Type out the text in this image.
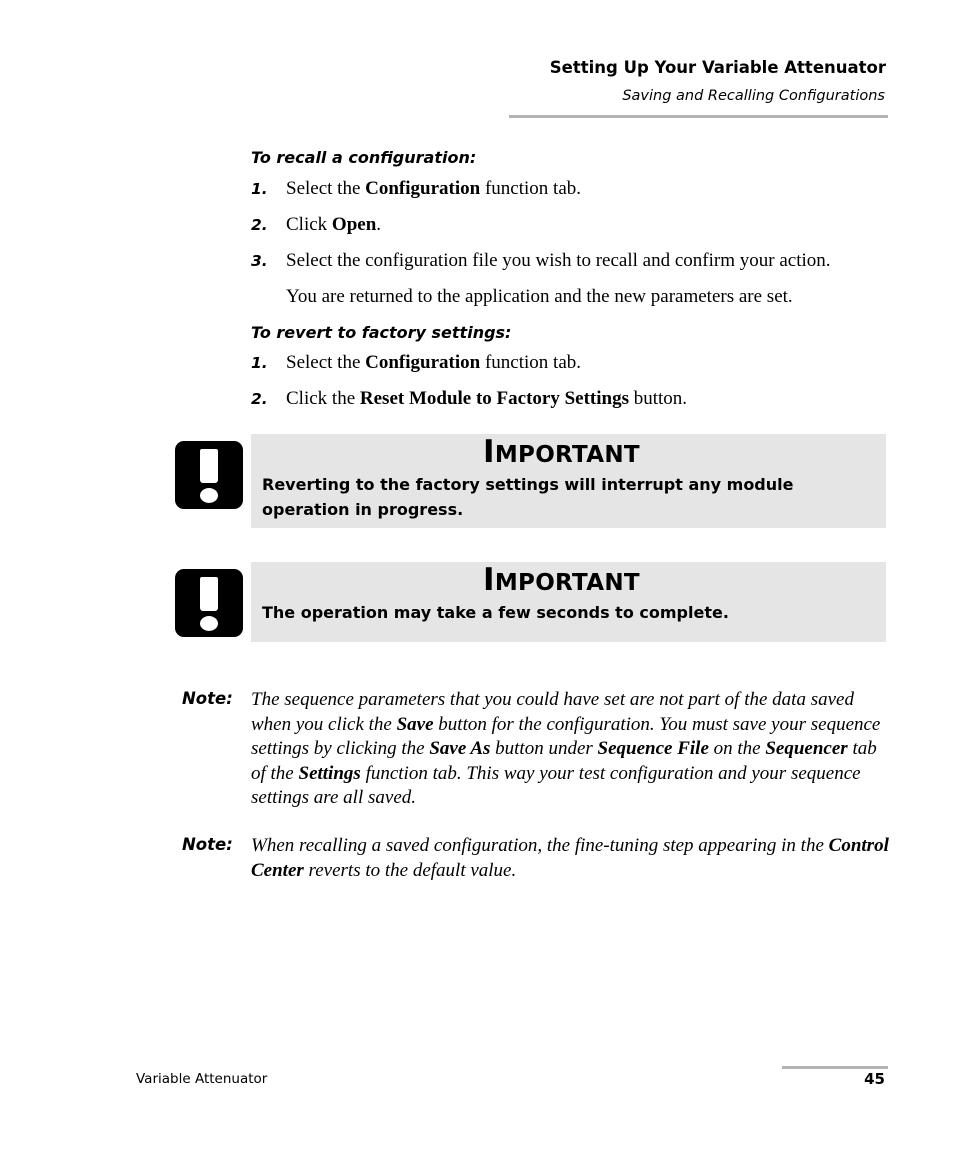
Setting Up Your Variable Attenuator
Saving and Recalling Configurations
To recall a configuration:
1. Select the Configuration function tab.
2. Click Open.
3. Select the configuration file you wish to recall and confirm your action.
You are returned to the application and the new parameters are set.
To revert to factory settings:
1. Select the Configuration function tab.
2. Click the Reset Module to Factory Settings button.
IMPORTANT
Reverting to the factory settings will interrupt any module operation in progress.
IMPORTANT
The operation may take a few seconds to complete.
Note: The sequence parameters that you could have set are not part of the data saved when you click the Save button for the configuration. You must save your sequence settings by clicking the Save As button under Sequence File on the Sequencer tab of the Settings function tab. This way your test configuration and your sequence settings are all saved.
Note: When recalling a saved configuration, the fine-tuning step appearing in the Control Center reverts to the default value.
Variable Attenuator	45
